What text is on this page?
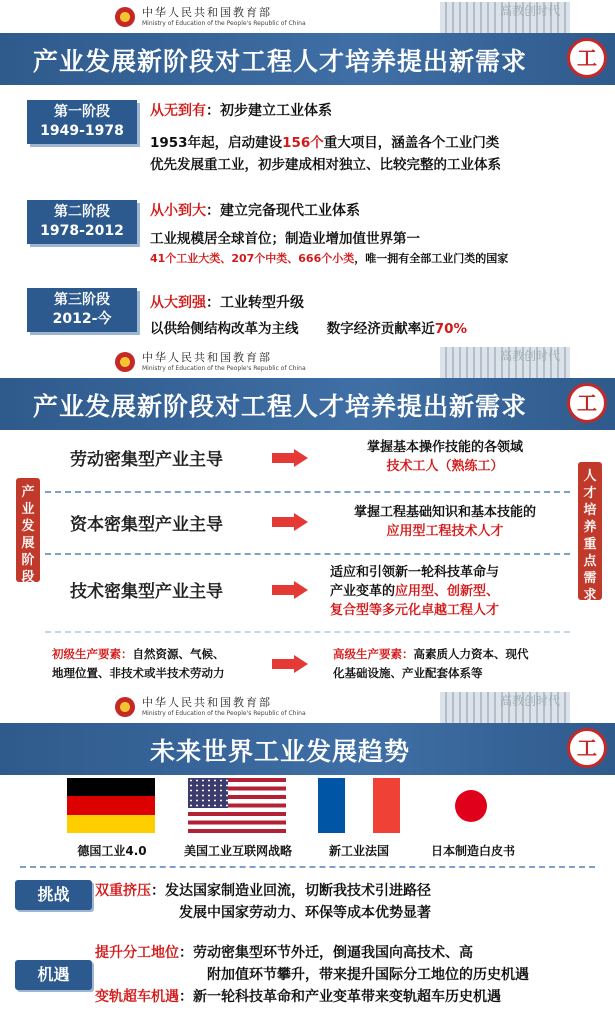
中华人民共和国教育部
Ministry of Education of the People's Republic of China
高教创时代
产业发展新阶段对工程人才培养提出新需求	工
第一阶段
1949-1978
从无到有：初步建立工业体系
1953年起，启动建设156个重大项目，涵盖各个工业门类
优先发展重工业，初步建成相对独立、比较完整的工业体系
第二阶段
1978-2012
从小到大：建立完备现代工业体系
工业规模居全球首位；制造业增加值世界第一
41个工业大类、207个中类、666个小类，唯一拥有全部工业门类的国家
第三阶段
2012-今
从大到强：工业转型升级
以供给侧结构改革为主线      数字经济贡献率近70%
中华人民共和国教育部
Ministry of Education of the People's Republic of China
高教创时代
产业发展新阶段对工程人才培养提出新需求	工
产业发展阶段
人才培养重点需求
劳动密集型产业主导
掌握基本操作技能的各领域
技术工人（熟练工）
资本密集型产业主导
掌握工程基础知识和基本技能的
应用型工程技术人才
技术密集型产业主导
适应和引领新一轮科技革命与
产业变革的应用型、创新型、
复合型等多元化卓越工程人才
初级生产要素：自然资源、气候、
地理位置、非技术或半技术劳动力
高级生产要素：高素质人力资本、现代
化基础设施、产业配套体系等
中华人民共和国教育部
Ministry of Education of the People's Republic of China
高教创时代
未来世界工业发展趋势	工
德国工业4.0	美国工业互联网战略	新工业法国	日本制造白皮书
挑战	双重挤压：发达国家制造业回流，切断我技术引进路径
发展中国家劳动力、环保等成本优势显著
机遇
提升分工地位：劳动密集型环节外迁，倒逼我国向高技术、高
附加值环节攀升，带来提升国际分工地位的历史机遇
变轨超车机遇：新一轮科技革命和产业变革带来变轨超车历史机遇
